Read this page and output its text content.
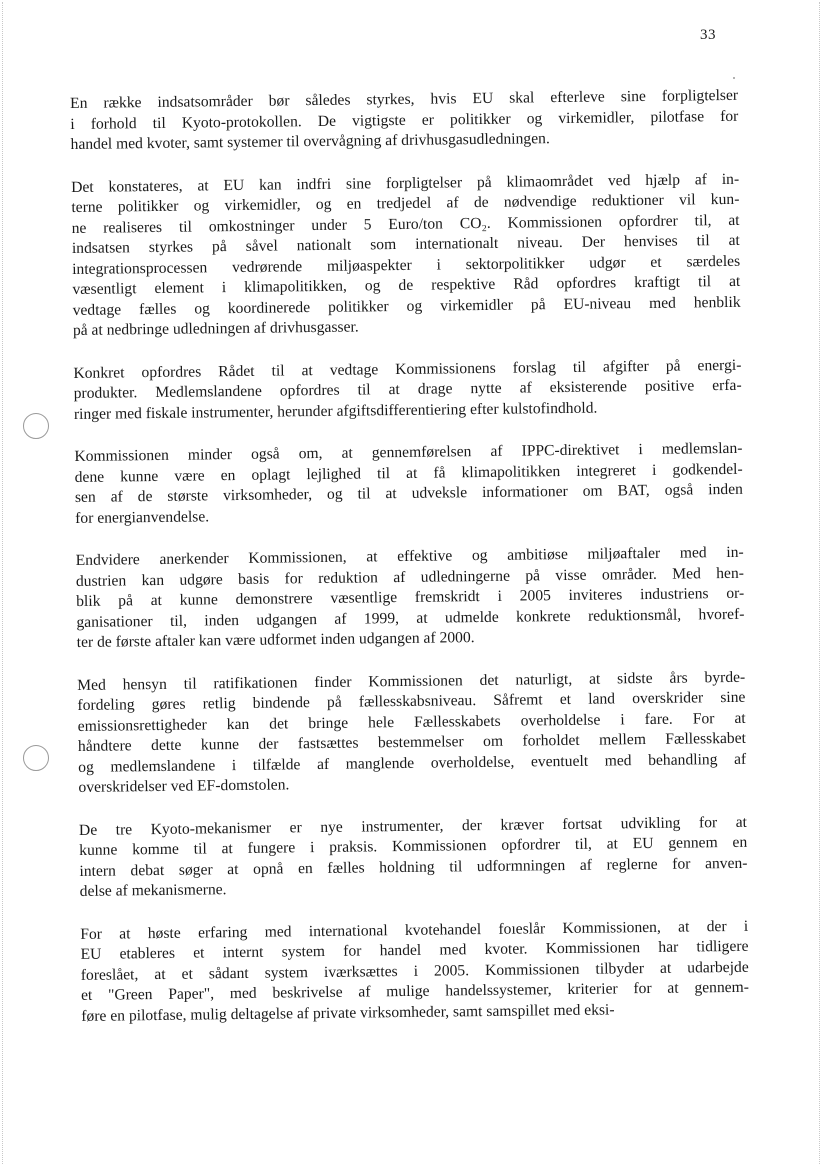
33

En række indsatsområder bør således styrkes, hvis EU skal efterleve sine forpligtelser
i forhold til Kyoto-protokollen. De vigtigste er politikker og virkemidler, pilotfase for
handel med kvoter, samt systemer til overvågning af drivhusgasudledningen.

Det konstateres, at EU kan indfri sine forpligtelser på klimaområdet ved hjælp af in-
terne politikker og virkemidler, og en tredjedel af de nødvendige reduktioner vil kun-
ne realiseres til omkostninger under 5 Euro/ton CO₂. Kommissionen opfordrer til, at
indsatsen styrkes på såvel nationalt som internationalt niveau. Der henvises til at
integrationsprocessen vedrørende miljøaspekter i sektorpolitikker udgør et særdeles
væsentligt element i klimapolitikken, og de respektive Råd opfordres kraftigt til at
vedtage fælles og koordinerede politikker og virkemidler på EU-niveau med henblik
på at nedbringe udledningen af drivhusgasser.

Konkret opfordres Rådet til at vedtage Kommissionens forslag til afgifter på energi-
produkter. Medlemslandene opfordres til at drage nytte af eksisterende positive erfa-
ringer med fiskale instrumenter, herunder afgiftsdifferentiering efter kulstofindhold.

Kommissionen minder også om, at gennemførelsen af IPPC-direktivet i medlemslan-
dene kunne være en oplagt lejlighed til at få klimapolitikken integreret i godkendel-
sen af de største virksomheder, og til at udveksle informationer om BAT, også inden
for energianvendelse.

Endvidere anerkender Kommissionen, at effektive og ambitiøse miljøaftaler med in-
dustrien kan udgøre basis for reduktion af udledningerne på visse områder. Med hen-
blik på at kunne demonstrere væsentlige fremskridt i 2005 inviteres industriens or-
ganisationer til, inden udgangen af 1999, at udmelde konkrete reduktionsmål, hvoref-
ter de første aftaler kan være udformet inden udgangen af 2000.

Med hensyn til ratifikationen finder Kommissionen det naturligt, at sidste års byrde-
fordeling gøres retlig bindende på fællesskabsniveau. Såfremt et land overskrider sine
emissionsrettigheder kan det bringe hele Fællesskabets overholdelse i fare. For at
håndtere dette kunne der fastsættes bestemmelser om forholdet mellem Fællesskabet
og medlemslandene i tilfælde af manglende overholdelse, eventuelt med behandling af
overskridelser ved EF-domstolen.

De tre Kyoto-mekanismer er nye instrumenter, der kræver fortsat udvikling for at
kunne komme til at fungere i praksis. Kommissionen opfordrer til, at EU gennem en
intern debat søger at opnå en fælles holdning til udformningen af reglerne for anven-
delse af mekanismerne.

For at høste erfaring med international kvotehandel foıeslår Kommissionen, at der i
EU etableres et internt system for handel med kvoter. Kommissionen har tidligere
foreslået, at et sådant system iværksættes i 2005. Kommissionen tilbyder at udarbejde
et "Green Paper", med beskrivelse af mulige handelssystemer, kriterier for at gennem-
føre en pilotfase, mulig deltagelse af private virksomheder, samt samspillet med eksi-
